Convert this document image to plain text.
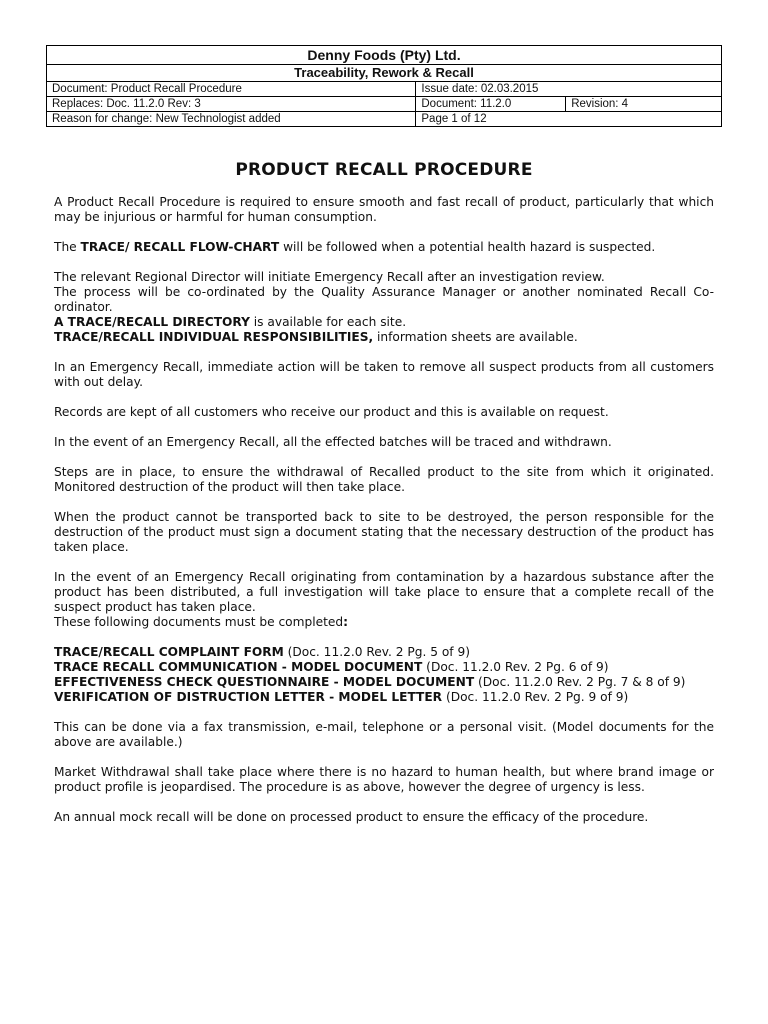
Denny Foods (Pty) Ltd.		
Traceability, Rework & Recall		
Document: Product Recall Procedure	Issue date: 02.03.2015	
Replaces: Doc. 11.2.0 Rev: 3	Document: 11.2.0	Revision: 4
Reason for change: New Technologist added	Page 1 of 12	
PRODUCT RECALL PROCEDURE

A Product Recall Procedure is required to ensure smooth and fast recall of product, particularly that which may be injurious or harmful for human consumption.

The TRACE/ RECALL FLOW-CHART will be followed when a potential health hazard is suspected.

The relevant Regional Director will initiate Emergency Recall after an investigation review.

The process will be co-ordinated by the Quality Assurance Manager or another nominated Recall Co-ordinator.

A TRACE/RECALL DIRECTORY is available for each site.

TRACE/RECALL INDIVIDUAL RESPONSIBILITIES, information sheets are available.

In an Emergency Recall, immediate action will be taken to remove all suspect products from all customers with out delay.

Records are kept of all customers who receive our product and this is available on request.

In the event of an Emergency Recall, all the effected batches will be traced and withdrawn.

Steps are in place, to ensure the withdrawal of Recalled product to the site from which it originated. Monitored destruction of the product will then take place.

When the product cannot be transported back to site to be destroyed, the person responsible for the destruction of the product must sign a document stating that the necessary destruction of the product has taken place.

In the event of an Emergency Recall originating from contamination by a hazardous substance after the product has been distributed, a full investigation will take place to ensure that a complete recall of the suspect product has taken place.

These following documents must be completed:

TRACE/RECALL COMPLAINT FORM (Doc. 11.2.0 Rev. 2 Pg. 5 of 9)
TRACE RECALL COMMUNICATION - MODEL DOCUMENT (Doc. 11.2.0 Rev. 2 Pg. 6 of 9)
EFFECTIVENESS CHECK QUESTIONNAIRE - MODEL DOCUMENT (Doc. 11.2.0 Rev. 2 Pg. 7 & 8 of 9)
VERIFICATION OF DISTRUCTION LETTER - MODEL LETTER (Doc. 11.2.0 Rev. 2 Pg. 9 of 9)

This can be done via a fax transmission, e-mail, telephone or a personal visit. (Model documents for the above are available.)

Market Withdrawal shall take place where there is no hazard to human health, but where brand image or product profile is jeopardised. The procedure is as above, however the degree of urgency is less.

An annual mock recall will be done on processed product to ensure the efficacy of the procedure.
